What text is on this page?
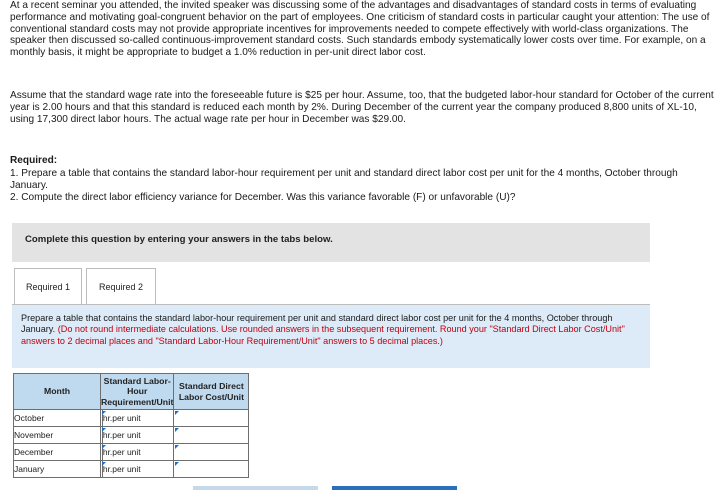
At a recent seminar you attended, the invited speaker was discussing some of the advantages and disadvantages of standard costs in terms of evaluating performance and motivating goal-congruent behavior on the part of employees. One criticism of standard costs in particular caught your attention: The use of conventional standard costs may not provide appropriate incentives for improvements needed to compete effectively with world-class organizations. The speaker then discussed so-called continuous-improvement standard costs. Such standards embody systematically lower costs over time. For example, on a monthly basis, it might be appropriate to budget a 1.0% reduction in per-unit direct labor cost.

Assume that the standard wage rate into the foreseeable future is $25 per hour. Assume, too, that the budgeted labor-hour standard for October of the current year is 2.00 hours and that this standard is reduced each month by 2%. During December of the current year the company produced 8,800 units of XL-10, using 17,300 direct labor hours. The actual wage rate per hour in December was $29.00.

Required:

1. Prepare a table that contains the standard labor-hour requirement per unit and standard direct labor cost per unit for the 4 months, October through January.
2. Compute the direct labor efficiency variance for December. Was this variance favorable (F) or unfavorable (U)?
Complete this question by entering your answers in the tabs below.
Required 1	Required 2
Prepare a table that contains the standard labor-hour requirement per unit and standard direct labor cost per unit for the 4 months, October through January. (Do not round intermediate calculations. Use rounded answers in the subsequent requirement. Round your "Standard Direct Labor Cost/Unit" answers to 2 decimal places and "Standard Labor-Hour Requirement/Unit" answers to 5 decimal places.)
Month	Standard Labor-Hour Requirement/Unit		Standard Direct Labor Cost/Unit
October		hr.per unit	

November		hr.per unit	

December		hr.per unit	

January		hr.per unit	
